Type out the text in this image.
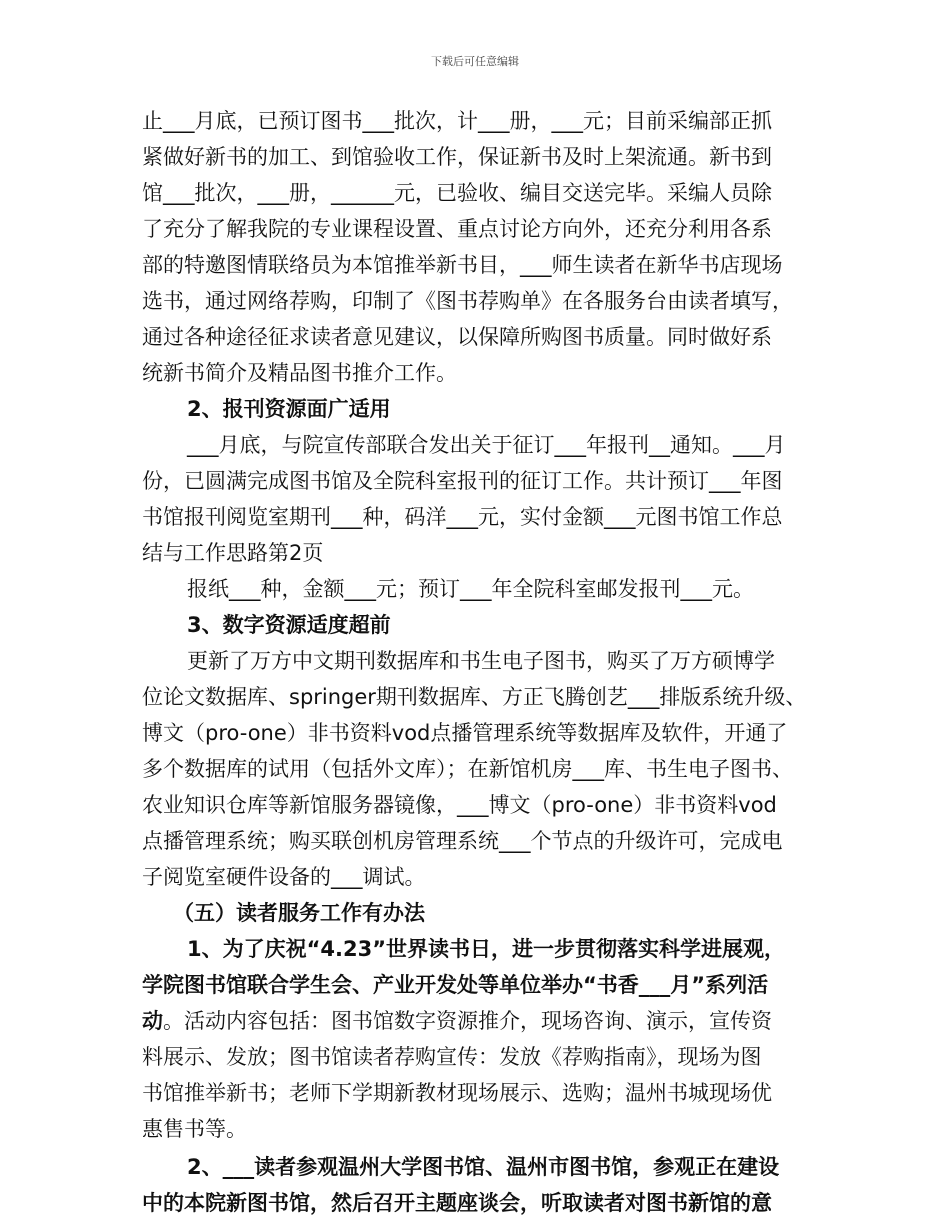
下载后可任意编辑
止___月底，已预订图书___批次，计___册，___元；目前采编部正抓
紧做好新书的加工、到馆验收工作，保证新书及时上架流通。新书到
馆___批次，___册，______元，已验收、编目交送完毕。采编人员除
了充分了解我院的专业课程设置、重点讨论方向外，还充分利用各系
部的特邀图情联络员为本馆推举新书目，___师生读者在新华书店现场
选书，通过网络荐购，印制了《图书荐购单》在各服务台由读者填写，
通过各种途径征求读者意见建议，以保障所购图书质量。同时做好系
统新书简介及精品图书推介工作。
2、报刊资源面广适用
___月底，与院宣传部联合发出关于征订___年报刊__通知。___月
份，已圆满完成图书馆及全院科室报刊的征订工作。共计预订___年图
书馆报刊阅览室期刊___种，码洋___元，实付金额___元图书馆工作总
结与工作思路第2页
报纸___种，金额___元；预订___年全院科室邮发报刊___元。
3、数字资源适度超前
更新了万方中文期刊数据库和书生电子图书，购买了万方硕博学
位论文数据库、springer期刊数据库、方正飞腾创艺___排版系统升级、
博文（pro-one）非书资料vod点播管理系统等数据库及软件，开通了
多个数据库的试用（包括外文库）；在新馆机房___库、书生电子图书、
农业知识仓库等新馆服务器镜像，___博文（pro-one）非书资料vod
点播管理系统；购买联创机房管理系统___个节点的升级许可，完成电
子阅览室硬件设备的___调试。
（五）读者服务工作有办法
1、为了庆祝“4.23”世界读书日，进一步贯彻落实科学进展观，
学院图书馆联合学生会、产业开发处等单位举办“书香___月”系列活
动。活动内容包括：图书馆数字资源推介，现场咨询、演示，宣传资
料展示、发放；图书馆读者荐购宣传：发放《荐购指南》，现场为图
书馆推举新书；老师下学期新教材现场展示、选购；温州书城现场优
惠售书等。
2、___读者参观温州大学图书馆、温州市图书馆，参观正在建设
中的本院新图书馆，然后召开主题座谈会，听取读者对图书新馆的意
